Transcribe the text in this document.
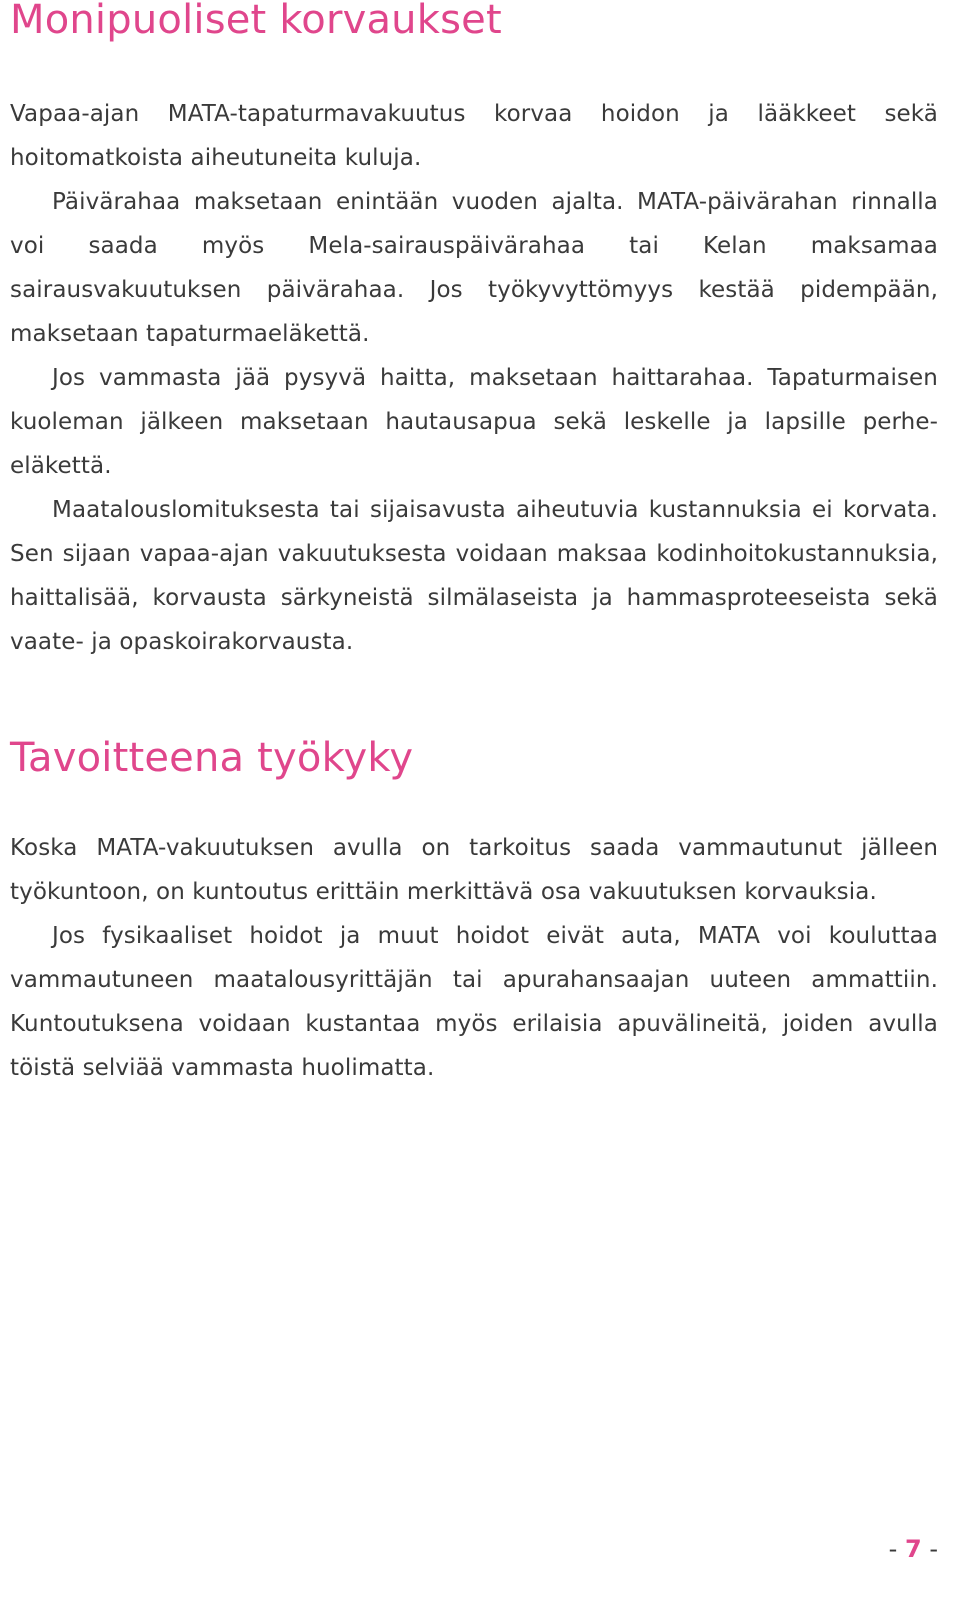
Monipuoliset korvaukset

Vapaa-ajan MATA-tapaturmavakuutus korvaa hoidon ja lääkkeet sekä hoitomatkoista aiheutuneita kuluja.

Päivärahaa maksetaan enintään vuoden ajalta. MATA-päivärahan rinnalla voi saada myös Mela-sairauspäivärahaa tai Kelan maksamaa sairausvakuutuksen päivärahaa. Jos työkyvyttömyys kestää pidempään, maksetaan tapaturmaeläkettä.

Jos vammasta jää pysyvä haitta, maksetaan haittarahaa. Tapaturmaisen kuoleman jälkeen maksetaan hautausapua sekä leskelle ja lapsille perhe-eläkettä.

Maatalouslomituksesta tai sijaisavusta aiheutuvia kustannuksia ei korvata. Sen sijaan vapaa-ajan vakuutuksesta voidaan maksaa kodinhoitokustannuksia, haittalisää, korvausta särkyneistä silmälaseista ja hammasproteeseista sekä vaate- ja opaskoirakorvausta.

Tavoitteena työkyky

Koska MATA-vakuutuksen avulla on tarkoitus saada vammautunut jälleen työkuntoon, on kuntoutus erittäin merkittävä osa vakuutuksen korvauksia.

Jos fysikaaliset hoidot ja muut hoidot eivät auta, MATA voi kouluttaa vammautuneen maatalousyrittäjän tai apurahansaajan uuteen ammattiin. Kuntoutuksena voidaan kustantaa myös erilaisia apuvälineitä, joiden avulla töistä selviää vammasta huolimatta.

- 7 -
